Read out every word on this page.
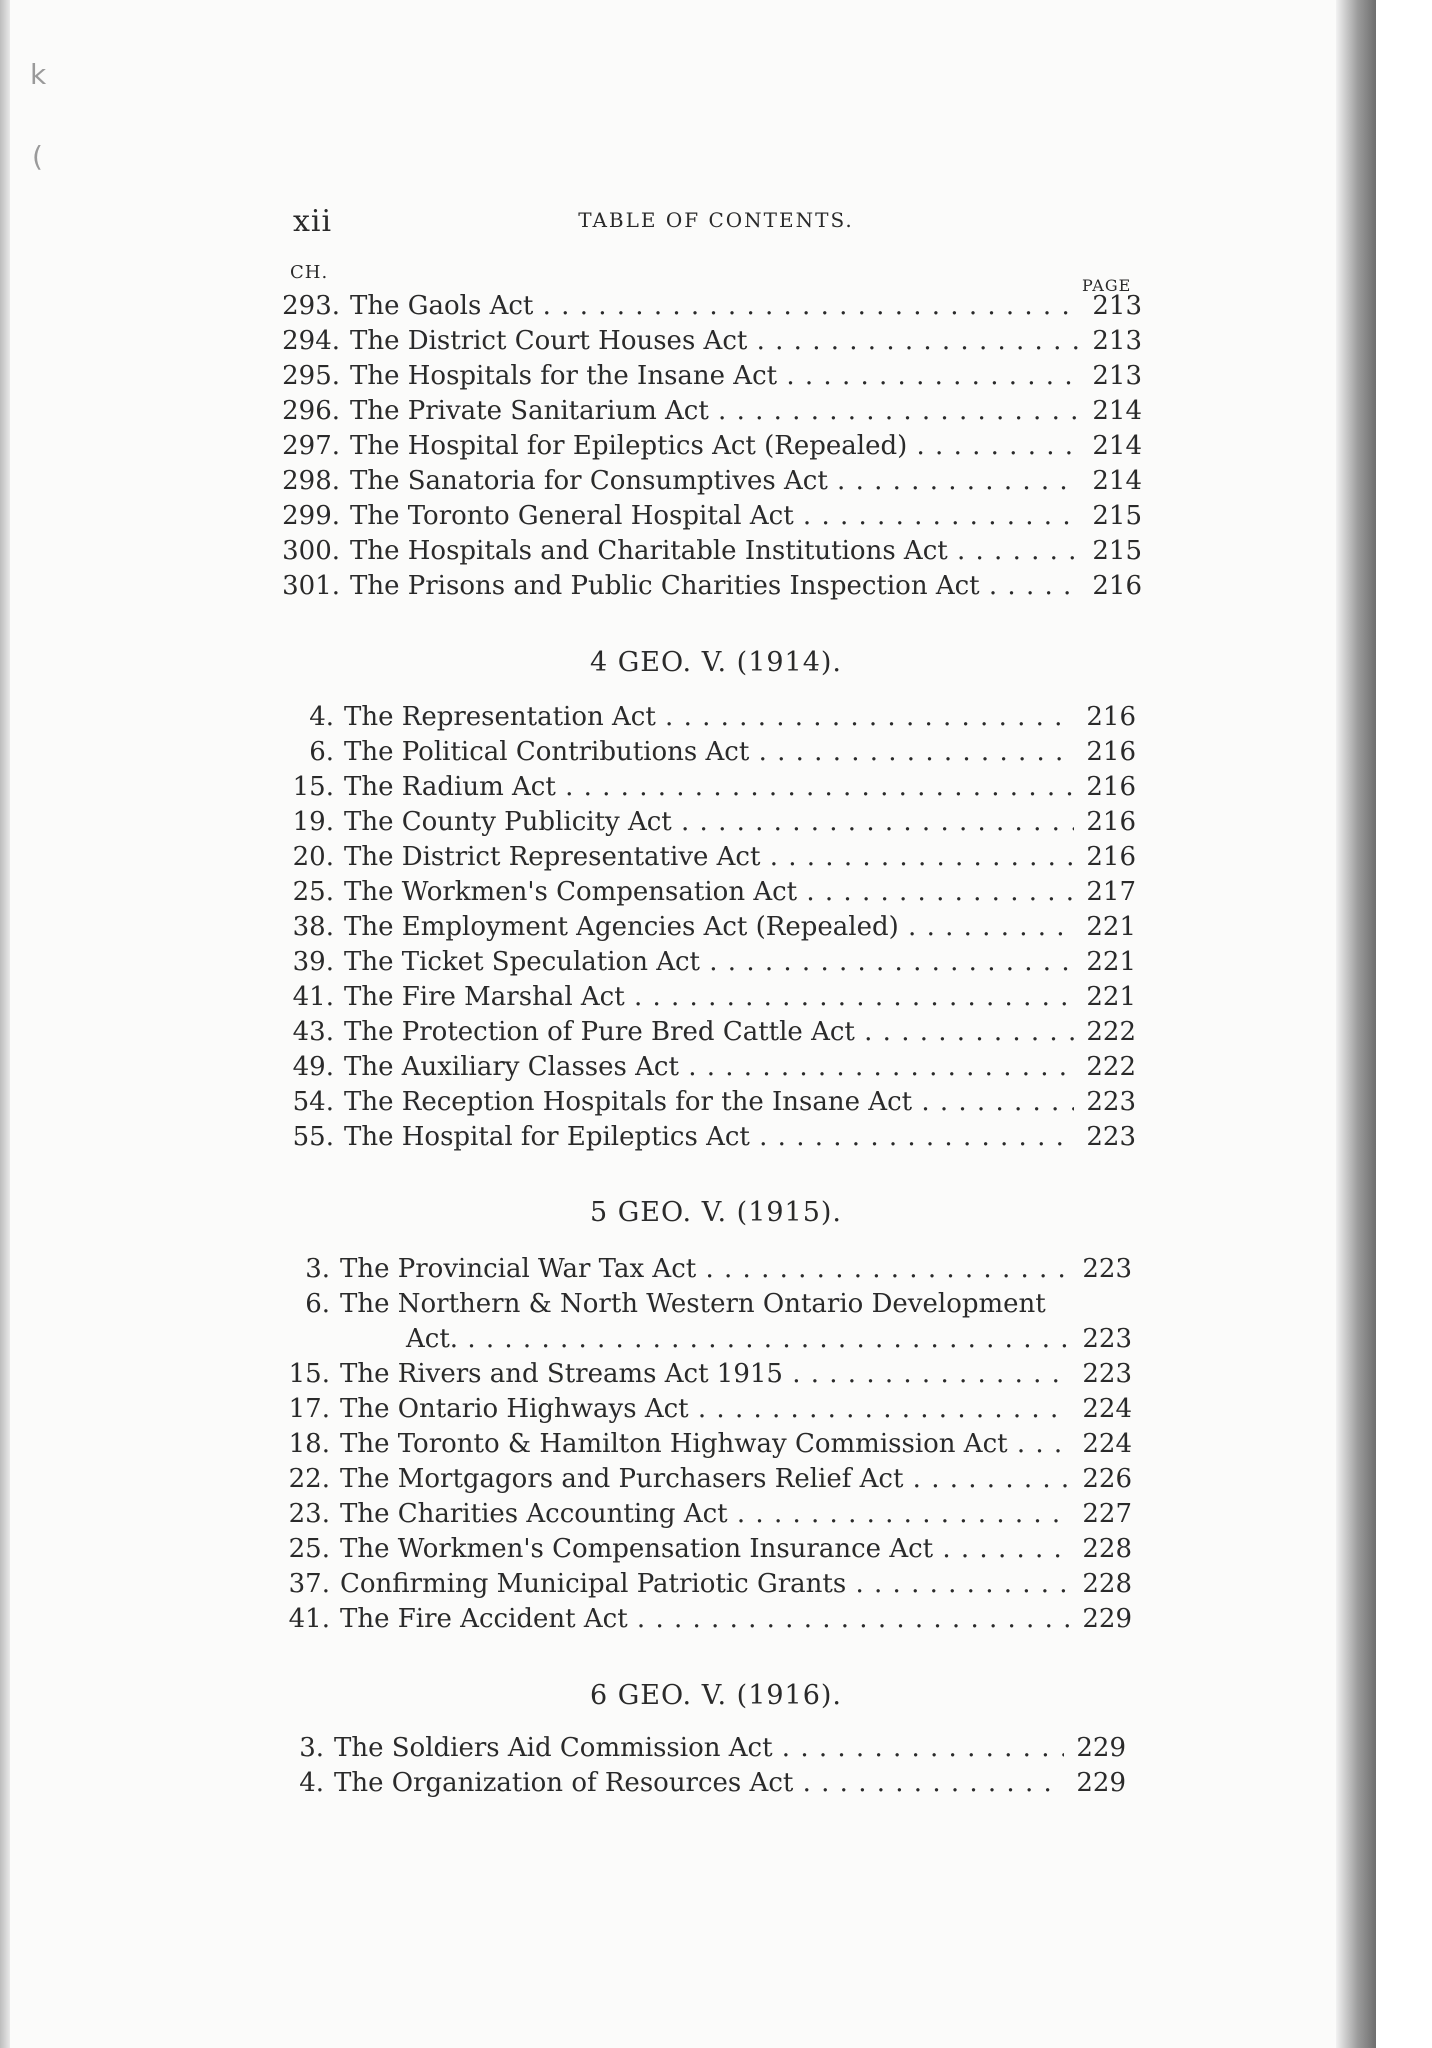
k
(
xii	TABLE OF CONTENTS.
CH.
PAGE
293. The Gaols Act . . .	213
294. The District Court Houses Act . . .	213
295. The Hospitals for the Insane Act . . .	213
296. The Private Sanitarium Act . . .	214
297. The Hospital for Epileptics Act (Repealed) . . .	214
298. The Sanatoria for Consumptives Act . . .	214
299. The Toronto General Hospital Act . . .	215
300. The Hospitals and Charitable Institutions Act . . .	215
301. The Prisons and Public Charities Inspection Act . . .	216
4 GEO. V. (1914).
4. The Representation Act . . .	216
6. The Political Contributions Act . . .	216
15. The Radium Act . . .	216
19. The County Publicity Act . . .	216
20. The District Representative Act . . .	216
25. The Workmen's Compensation Act . . .	217
38. The Employment Agencies Act (Repealed) . . .	221
39. The Ticket Speculation Act . . .	221
41. The Fire Marshal Act . . .	221
43. The Protection of Pure Bred Cattle Act . . .	222
49. The Auxiliary Classes Act . . .	222
54. The Reception Hospitals for the Insane Act . . .	223
55. The Hospital for Epileptics Act . . .	223
5 GEO. V. (1915).
3. The Provincial War Tax Act . . .	223
6. The Northern & North Western Ontario Development
Act. . . .	223
15. The Rivers and Streams Act 1915 . . .	223
17. The Ontario Highways Act . . .	224
18. The Toronto & Hamilton Highway Commission Act . . .	224
22. The Mortgagors and Purchasers Relief Act . . .	226
23. The Charities Accounting Act . . .	227
25. The Workmen's Compensation Insurance Act . . .	228
37. Confirming Municipal Patriotic Grants . . .	228
41. The Fire Accident Act . . .	229
6 GEO. V. (1916).
3. The Soldiers Aid Commission Act . . .	229
4. The Organization of Resources Act . . .	229
